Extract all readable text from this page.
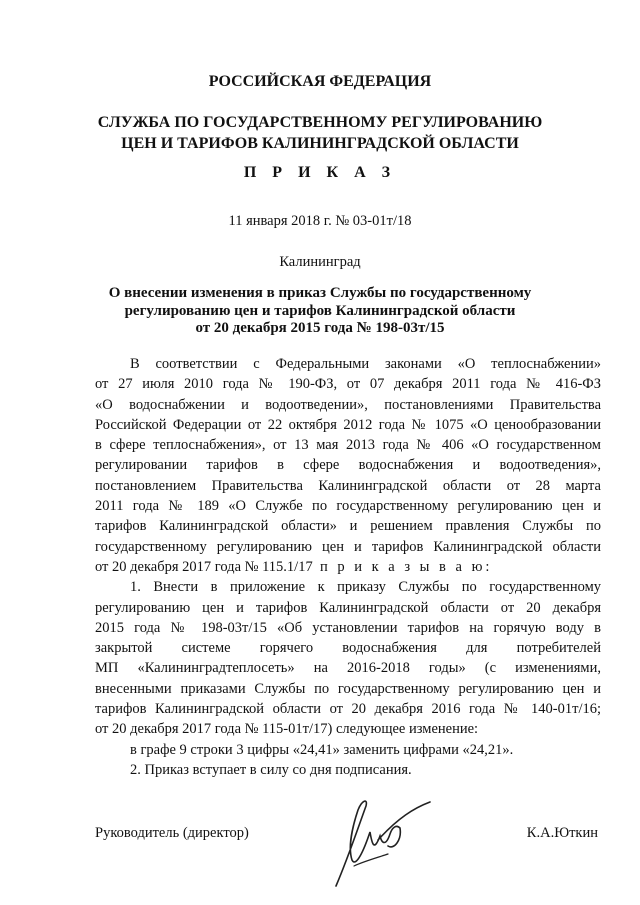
РОССИЙСКАЯ ФЕДЕРАЦИЯ
СЛУЖБА ПО ГОСУДАРСТВЕННОМУ РЕГУЛИРОВАНИЮ
ЦЕН И ТАРИФОВ КАЛИНИНГРАДСКОЙ ОБЛАСТИ
П Р И К А З
11 января 2018 г. № 03-01т/18
Калининград
О внесении изменения в приказ Службы по государственному
регулированию цен и тарифов Калининградской области
от 20 декабря 2015 года № 198-03т/15
В соответствии с Федеральными законами «О теплоснабжении»
от 27 июля 2010 года № 190-ФЗ, от 07 декабря 2011 года № 416-ФЗ
«О водоснабжении и водоотведении», постановлениями Правительства
Российской Федерации от 22 октября 2012 года № 1075 «О ценообразовании
в сфере теплоснабжения», от 13 мая 2013 года № 406 «О государственном
регулировании тарифов в сфере водоснабжения и водоотведения»,
постановлением Правительства Калининградской области от 28 марта
2011 года № 189 «О Службе по государственному регулированию цен и
тарифов Калининградской области» и решением правления Службы по
государственному регулированию цен и тарифов Калининградской области
от 20 декабря 2017 года № 115.1/17 п р и к а з ы в а ю:
1. Внести в приложение к приказу Службы по государственному
регулированию цен и тарифов Калининградской области от 20 декабря
2015 года № 198-03т/15 «Об установлении тарифов на горячую воду в
закрытой системе горячего водоснабжения для потребителей
МП «Калининградтеплосеть» на 2016-2018 годы» (с изменениями,
внесенными приказами Службы по государственному регулированию цен и
тарифов Калининградской области от 20 декабря 2016 года № 140-01т/16;
от 20 декабря 2017 года № 115-01т/17) следующее изменение:
в графе 9 строки 3 цифры «24,41» заменить цифрами «24,21».
2. Приказ вступает в силу со дня подписания.
Руководитель (директор)	К.А.Юткин
